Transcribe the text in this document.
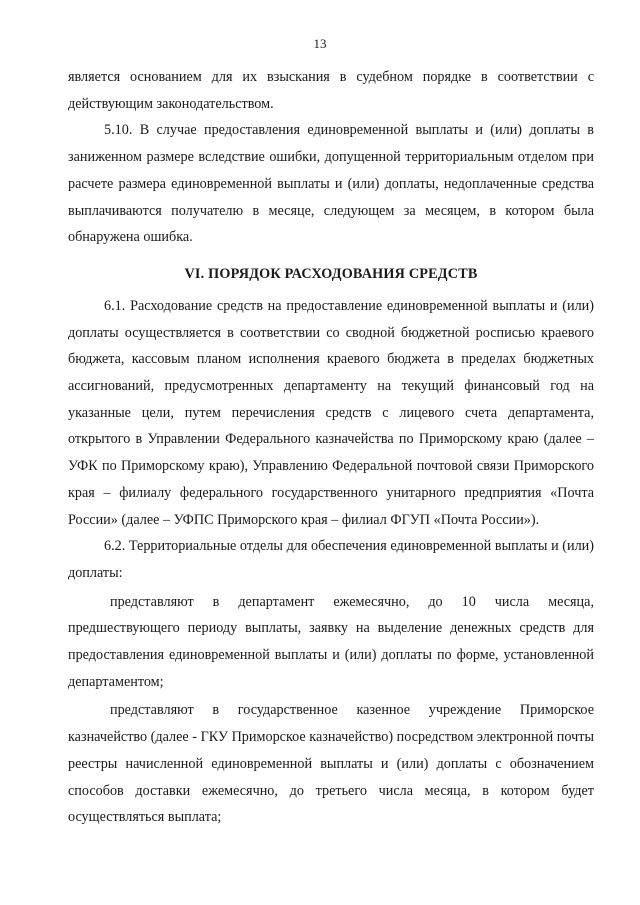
13

является основанием для их взыскания в судебном порядке в соответствии с действующим законодательством.

5.10. В случае предоставления единовременной выплаты и (или) доплаты в заниженном размере вследствие ошибки, допущенной территориальным отделом при расчете размера единовременной выплаты и (или) доплаты, недоплаченные средства выплачиваются получателю в месяце, следующем за месяцем, в котором была обнаружена ошибка.

VI. ПОРЯДОК РАСХОДОВАНИЯ СРЕДСТВ

6.1. Расходование средств на предоставление единовременной выплаты и (или) доплаты осуществляется в соответствии со сводной бюджетной росписью краевого бюджета, кассовым планом исполнения краевого бюджета в пределах бюджетных ассигнований, предусмотренных департаменту на текущий финансовый год на указанные цели, путем перечисления средств с лицевого счета департамента, открытого в Управлении Федерального казначейства по Приморскому краю (далее – УФК по Приморскому краю), Управлению Федеральной почтовой связи Приморского края – филиалу федерального государственного унитарного предприятия «Почта России» (далее – УФПС Приморского края – филиал ФГУП «Почта России»).

6.2. Территориальные отделы для обеспечения единовременной выплаты и (или) доплаты:

представляют в департамент ежемесячно, до 10 числа месяца, предшествующего периоду выплаты, заявку на выделение денежных средств для предоставления единовременной выплаты и (или) доплаты по форме, установленной департаментом;

представляют в государственное казенное учреждение Приморское казначейство (далее - ГКУ Приморское казначейство) посредством электронной почты реестры начисленной единовременной выплаты и (или) доплаты с обозначением способов доставки ежемесячно, до третьего числа месяца, в котором будет осуществляться выплата;
